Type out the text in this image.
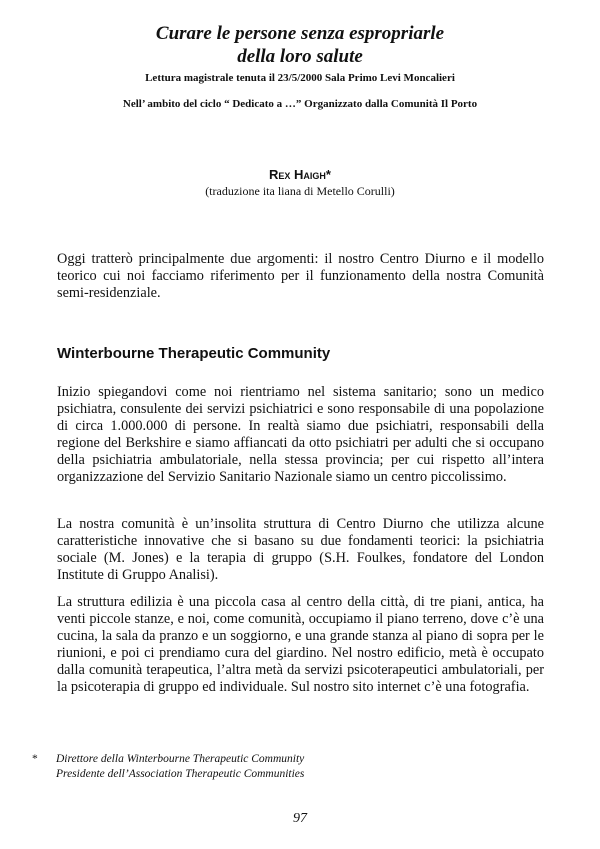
Curare le persone senza espropriarle
della loro salute

Lettura magistrale tenuta il 23/5/2000 Sala Primo Levi Moncalieri

Nell’ ambito del ciclo “ Dedicato a …” Organizzato dalla Comunità Il Porto

Rex Haigh*

(traduzione ita liana di Metello Corulli)

Oggi tratterò principalmente due argomenti: il nostro Centro Diurno e il modello teorico cui noi facciamo riferimento per il funzionamento della nostra Comunità semi-residenziale.

Winterbourne Therapeutic Community

Inizio spiegandovi come noi rientriamo nel sistema sanitario; sono un medico psichiatra, consulente dei servizi psichiatrici e sono responsabile di una popolazione di circa 1.000.000 di persone. In realtà siamo due psichiatri, responsabili della regione del Berkshire e siamo affiancati da otto psichiatri per adulti che si occupano della psichiatria ambulatoriale, nella stessa provincia; per cui rispetto all’intera organizzazione del Servizio Sanitario Nazionale siamo un centro piccolissimo.

La nostra comunità è un’insolita struttura di Centro Diurno che utilizza alcune caratteristiche innovative che si basano su due fondamenti teorici: la psichiatria sociale (M. Jones) e la terapia di gruppo (S.H. Foulkes, fondatore del London Institute di Gruppo Analisi).

La struttura edilizia è una piccola casa al centro della città, di tre piani, antica, ha venti piccole stanze, e noi, come comunità, occupiamo il piano terreno, dove c’è una cucina, la sala da pranzo e un soggiorno, e una grande stanza al piano di sopra per le riunioni, e poi ci prendiamo cura del giardino. Nel nostro edificio, metà è occupato dalla comunità terapeutica, l’altra metà da servizi psicoterapeutici ambulatoriali, per la psicoterapia di gruppo ed individuale. Sul nostro sito internet c’è una fotografia.

* Direttore della Winterbourne Therapeutic Community

Presidente dell’Association Therapeutic Communities

97
